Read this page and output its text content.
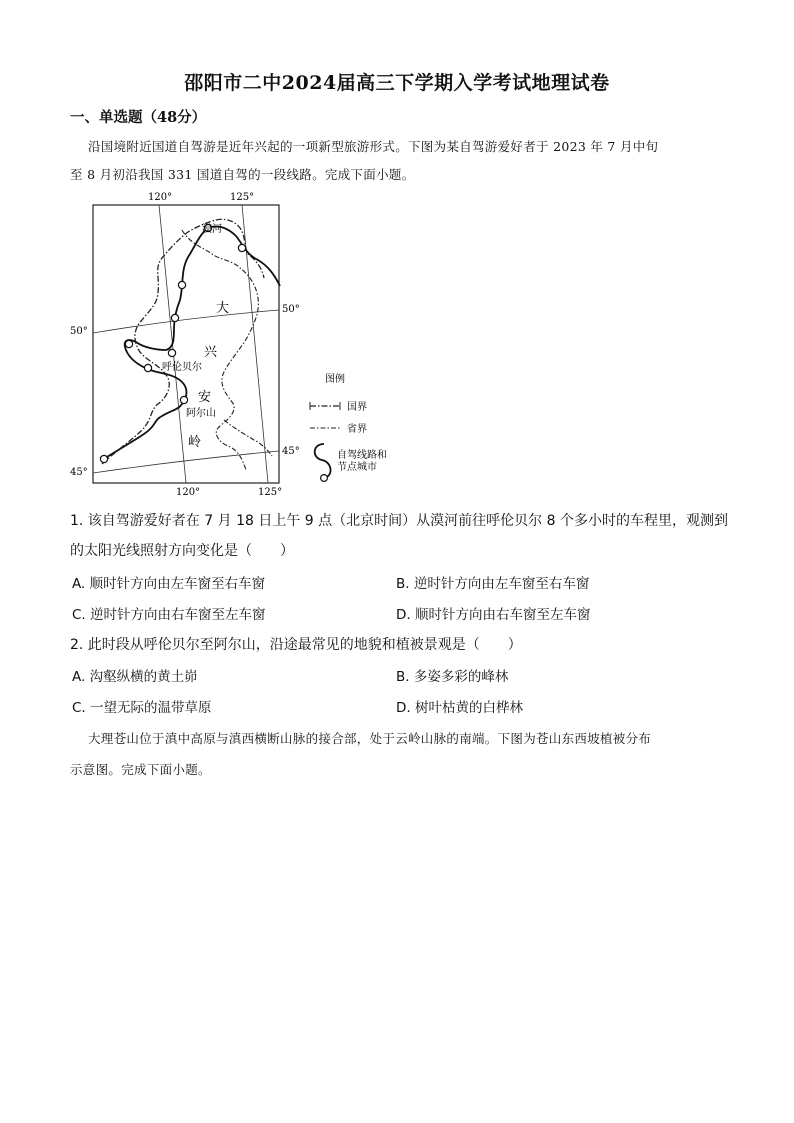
邵阳市二中2024届高三下学期入学考试地理试卷
一、单选题（48分）
沿国境附近国道自驾游是近年兴起的一项新型旅游形式。下图为某自驾游爱好者于 2023 年 7 月中旬
至 8 月初沿我国 331 国道自驾的一段线路。完成下面小题。
120°	125°
120°	125°
50°
50°
45°
45°
漠河
呼伦贝尔
阿尔山
大
兴
安
岭
图例
国界
省界
自驾线路和
节点城市
1. 该自驾游爱好者在 7 月 18 日上午 9 点（北京时间）从漠河前往呼伦贝尔 8 个多小时的车程里，观测到
的太阳光线照射方向变化是（　　）
A. 顺时针方向由左车窗至右车窗	B. 逆时针方向由左车窗至右车窗
C. 逆时针方向由右车窗至左车窗	D. 顺时针方向由右车窗至左车窗
2. 此时段从呼伦贝尔至阿尔山，沿途最常见的地貌和植被景观是（　　）
A. 沟壑纵横的黄土峁	B. 多姿多彩的峰林
C. 一望无际的温带草原	D. 树叶枯黄的白桦林
大理苍山位于滇中高原与滇西横断山脉的接合部，处于云岭山脉的南端。下图为苍山东西坡植被分布
示意图。完成下面小题。
